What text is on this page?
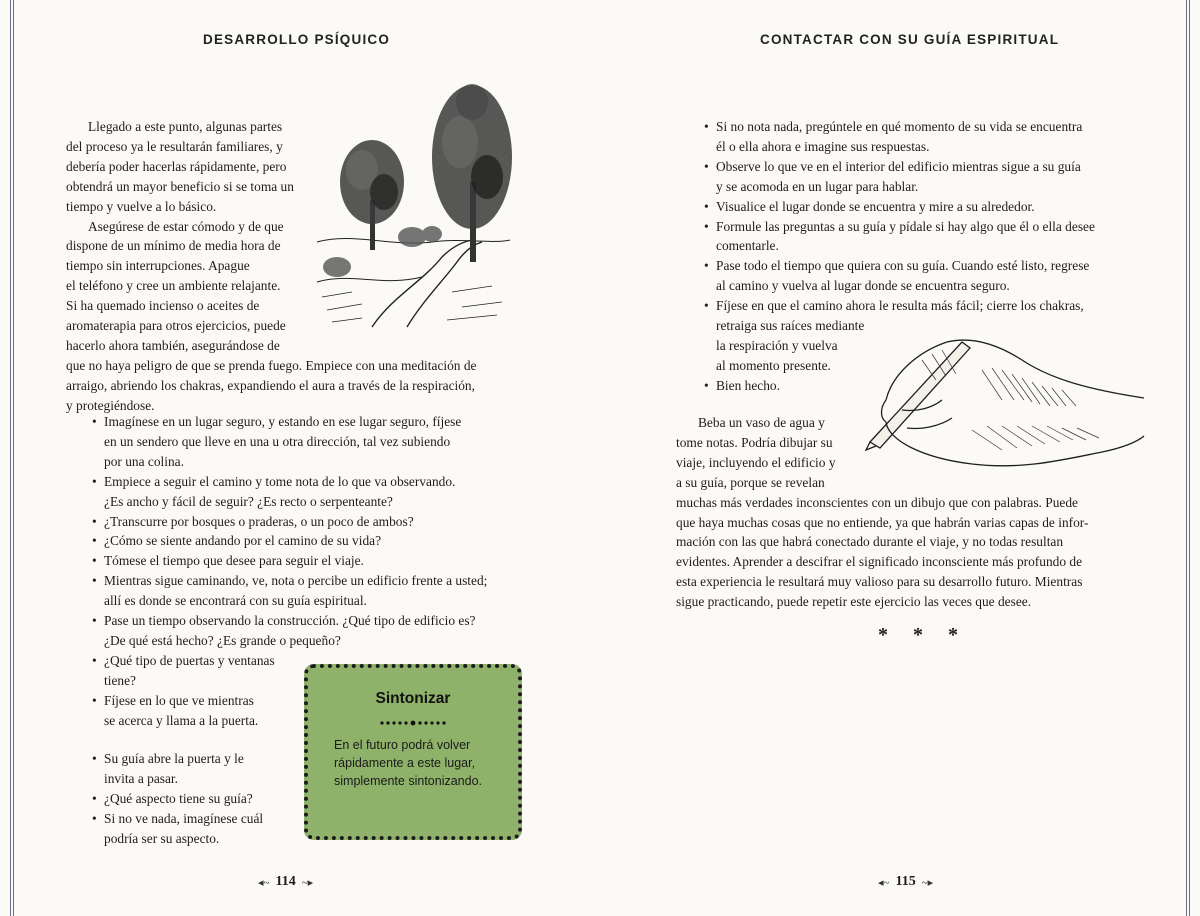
DESARROLLO PSÍQUICO
Llegado a este punto, algunas partes
del proceso ya le resultarán familiares, y
debería poder hacerlas rápidamente, pero
obtendrá un mayor beneficio si se toma un
tiempo y vuelve a lo básico.
Asegúrese de estar cómodo y de que
dispone de un mínimo de media hora de
tiempo sin interrupciones. Apague
el teléfono y cree un ambiente relajante.
Si ha quemado incienso o aceites de
aromaterapia para otros ejercicios, puede
hacerlo ahora también, asegurándose de
que no haya peligro de que se prenda fuego. Empiece con una meditación de
arraigo, abriendo los chakras, expandiendo el aura a través de la respiración,
y protegiéndose.
• Imagínese en un lugar seguro, y estando en ese lugar seguro, fíjese
en un sendero que lleve en una u otra dirección, tal vez subiendo
por una colina.
• Empiece a seguir el camino y tome nota de lo que va observando.
¿Es ancho y fácil de seguir? ¿Es recto o serpenteante?
• ¿Transcurre por bosques o praderas, o un poco de ambos?
• ¿Cómo se siente andando por el camino de su vida?
• Tómese el tiempo que desee para seguir el viaje.
• Mientras sigue caminando, ve, nota o percibe un edificio frente a usted;
allí es donde se encontrará con su guía espiritual.
• Pase un tiempo observando la construcción. ¿Qué tipo de edificio es?
¿De qué está hecho? ¿Es grande o pequeño?
• ¿Qué tipo de puertas y ventanas
tiene?
• Fíjese en lo que ve mientras
se acerca y llama a la puerta.
• Su guía abre la puerta y le
invita a pasar.
• ¿Qué aspecto tiene su guía?
• Si no ve nada, imagínese cuál
podría ser su aspecto.
Sintonizar
En el futuro podrá volver
rápidamente a este lugar,
simplemente sintonizando.
◂~ 114 ~▸
CONTACTAR CON SU GUÍA ESPIRITUAL
• Si no nota nada, pregúntele en qué momento de su vida se encuentra
él o ella ahora e imagine sus respuestas.
• Observe lo que ve en el interior del edificio mientras sigue a su guía
y se acomoda en un lugar para hablar.
• Visualice el lugar donde se encuentra y mire a su alrededor.
• Formule las preguntas a su guía y pídale si hay algo que él o ella desee
comentarle.
• Pase todo el tiempo que quiera con su guía. Cuando esté listo, regrese
al camino y vuelva al lugar donde se encuentra seguro.
• Fíjese en que el camino ahora le resulta más fácil; cierre los chakras,
retraiga sus raíces mediante
la respiración y vuelva
al momento presente.
• Bien hecho.
Beba un vaso de agua y
tome notas. Podría dibujar su
viaje, incluyendo el edificio y
a su guía, porque se revelan
muchas más verdades inconscientes con un dibujo que con palabras. Puede
que haya muchas cosas que no entiende, ya que habrán varias capas de infor-
mación con las que habrá conectado durante el viaje, y no todas resultan
evidentes. Aprender a descifrar el significado inconsciente más profundo de
esta experiencia le resultará muy valioso para su desarrollo futuro. Mientras
sigue practicando, puede repetir este ejercicio las veces que desee.
* * *
◂~ 115 ~▸
